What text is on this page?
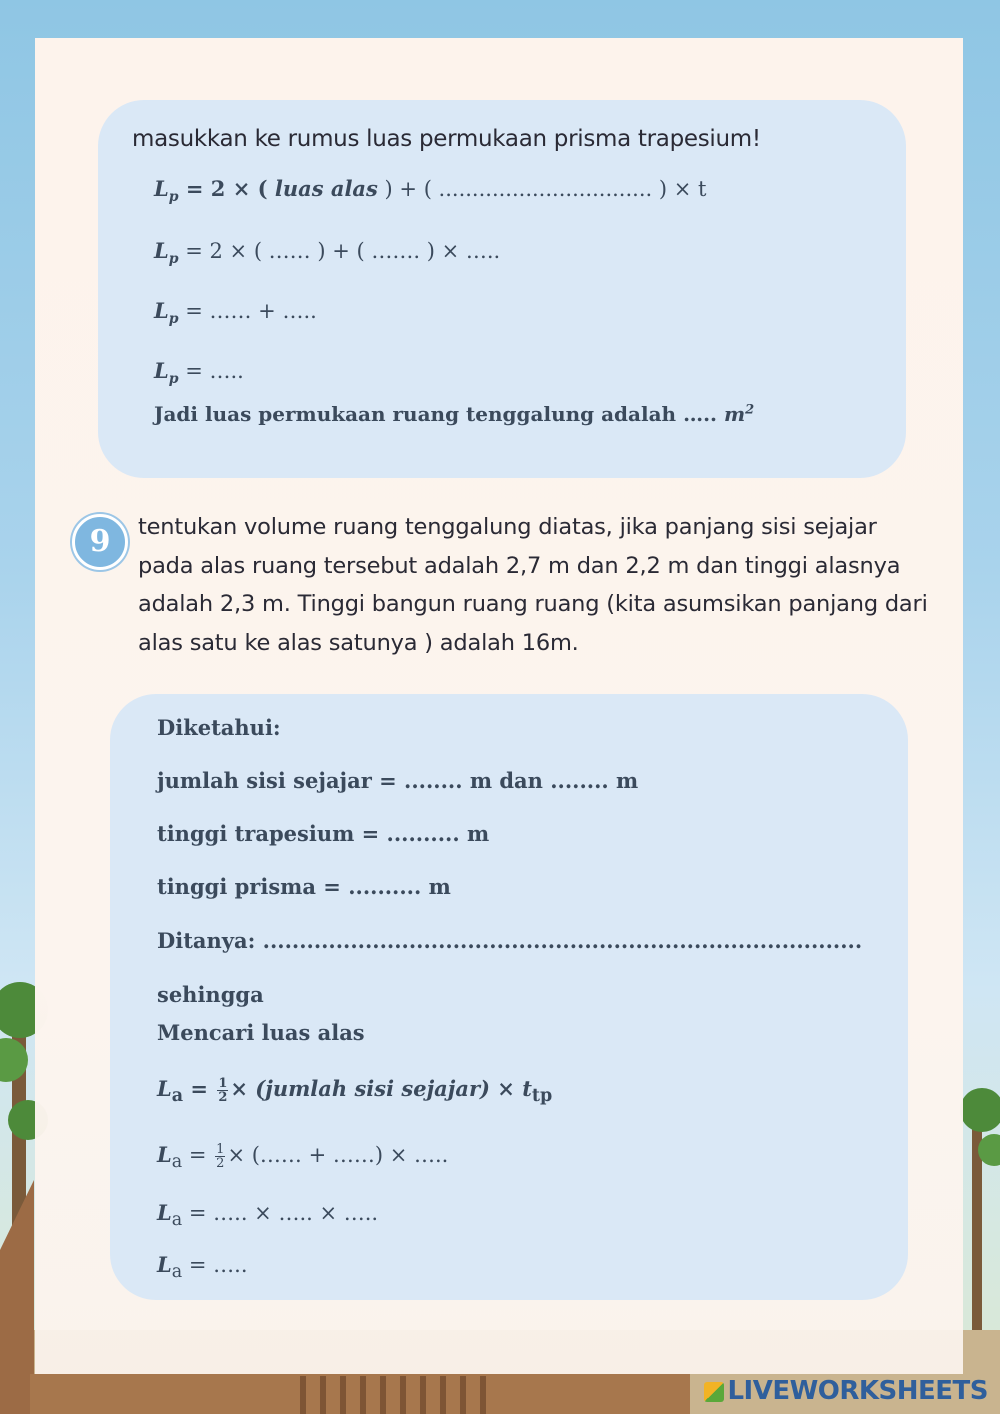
masukkan ke rumus luas permukaan prisma trapesium!
$L_p = 2$ × ( luas alas ) + ( ................................ ) × t
$L_p = 2$ × ( …… ) + ( ……. ) × …..
$L_p$ = …… + …..
$L_p$ = …..
Jadi luas permukaan ruang tenggalung adalah ….. $m^2$
9	tentukan volume ruang tenggalung diatas, jika panjang sisi sejajar pada alas ruang tersebut adalah 2,7 m dan 2,2 m dan tinggi alasnya adalah 2,3 m. Tinggi bangun ruang ruang (kita asumsikan panjang dari alas satu ke alas satunya ) adalah 16m.
Diketahui:
jumlah sisi sejajar = ........ m dan ........ m
tinggi trapesium = .......... m
tinggi prisma = .......... m
Ditanya: ..................................................................................
sehingga
Mencari luas alas
$L_a = \frac{1}{2}$ × (jumlah sisi sejajar) × $t_{tp}$
$L_a = \frac{1}{2}$ × (…… + ……) × …..
$L_a$ = ….. × ….. × …..
$L_a$ = …..
LIVEWORKSHEETS
